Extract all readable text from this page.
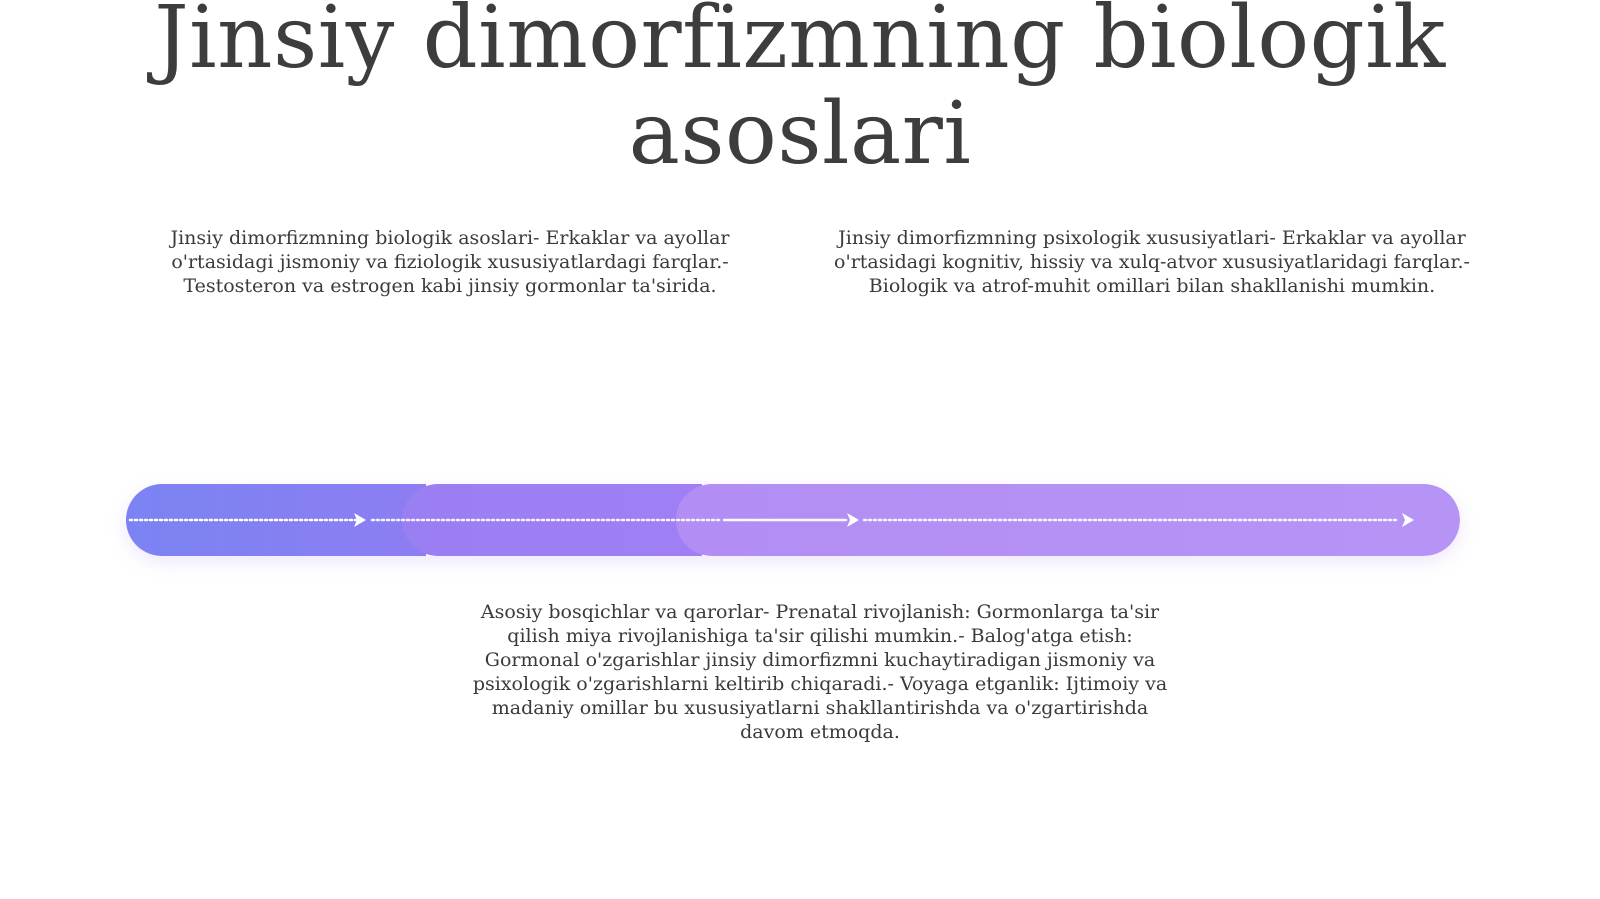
Jinsiy dimorfizmning biologik asoslari

Jinsiy dimorfizmning biologik asoslari- Erkaklar va ayollar o'rtasidagi jismoniy va fiziologik xususiyatlardagi farqlar.- Testosteron va estrogen kabi jinsiy gormonlar ta'sirida.

Jinsiy dimorfizmning psixologik xususiyatlari- Erkaklar va ayollar o'rtasidagi kognitiv, hissiy va xulq-atvor xususiyatlaridagi farqlar.- Biologik va atrof-muhit omillari bilan shakllanishi mumkin.

Asosiy bosqichlar va qarorlar- Prenatal rivojlanish: Gormonlarga ta'sir qilish miya rivojlanishiga ta'sir qilishi mumkin.- Balog'atga etish: Gormonal o'zgarishlar jinsiy dimorfizmni kuchaytiradigan jismoniy va psixologik o'zgarishlarni keltirib chiqaradi.- Voyaga etganlik: Ijtimoiy va madaniy omillar bu xususiyatlarni shakllantirishda va o'zgartirishda davom etmoqda.
